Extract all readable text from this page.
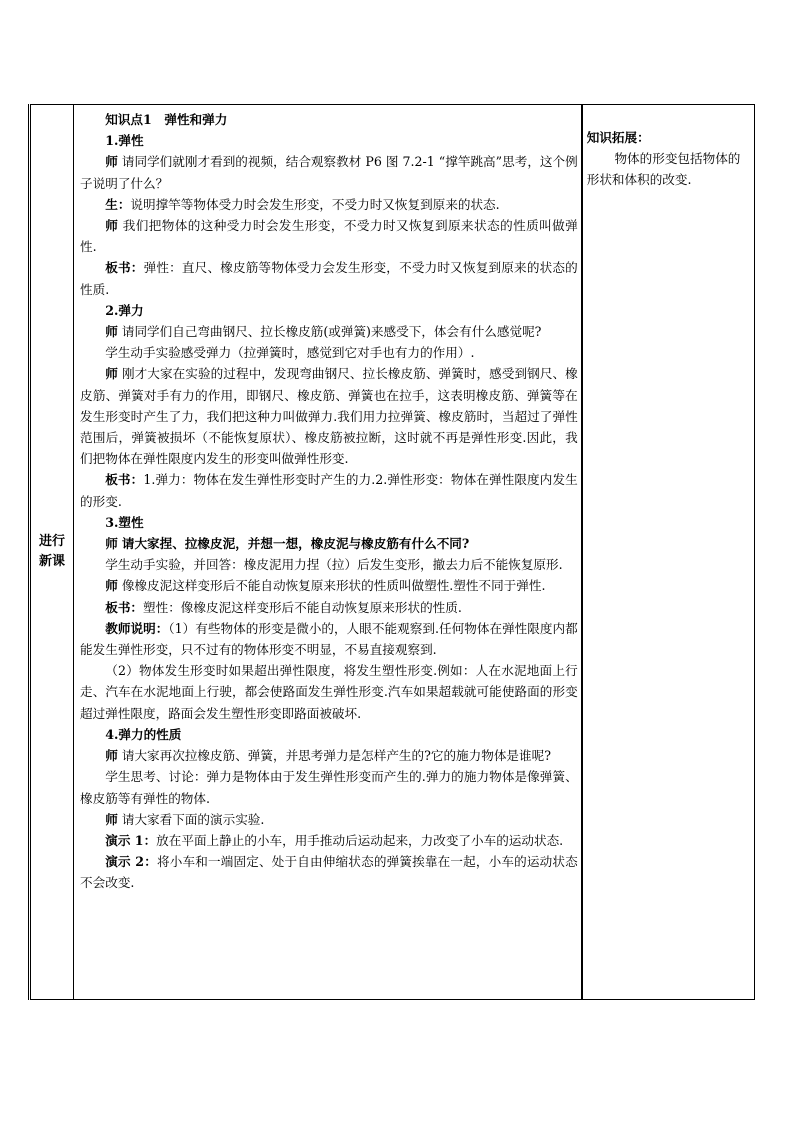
进行新课	

知识点1　弹性和弹力

1.弹性

师 请同学们就刚才看到的视频，结合观察教材 P6 图 7.2-1 “撑竿跳高”思考，这个例子说明了什么？

生：说明撑竿等物体受力时会发生形变，不受力时又恢复到原来的状态.

师 我们把物体的这种受力时会发生形变，不受力时又恢复到原来状态的性质叫做弹性.

板书：弹性：直尺、橡皮筋等物体受力会发生形变，不受力时又恢复到原来的状态的性质.

2.弹力

师 请同学们自己弯曲钢尺、拉长橡皮筋(或弹簧)来感受下，体会有什么感觉呢?

学生动手实验感受弹力（拉弹簧时，感觉到它对手也有力的作用）.

师 刚才大家在实验的过程中，发现弯曲钢尺、拉长橡皮筋、弹簧时，感受到钢尺、橡皮筋、弹簧对手有力的作用，即钢尺、橡皮筋、弹簧也在拉手，这表明橡皮筋、弹簧等在发生形变时产生了力，我们把这种力叫做弹力.我们用力拉弹簧、橡皮筋时，当超过了弹性范围后，弹簧被损坏（不能恢复原状）、橡皮筋被拉断，这时就不再是弹性形变.因此，我们把物体在弹性限度内发生的形变叫做弹性形变.

板书：1.弹力：物体在发生弹性形变时产生的力.2.弹性形变：物体在弹性限度内发生的形变.

3.塑性

师 请大家捏、拉橡皮泥，并想一想，橡皮泥与橡皮筋有什么不同?

学生动手实验，并回答：橡皮泥用力捏（拉）后发生变形，撤去力后不能恢复原形.

师 像橡皮泥这样变形后不能自动恢复原来形状的性质叫做塑性.塑性不同于弹性.

板书：塑性：像橡皮泥这样变形后不能自动恢复原来形状的性质.

教师说明：（1）有些物体的形变是微小的，人眼不能观察到.任何物体在弹性限度内都能发生弹性形变，只不过有的物体形变不明显，不易直接观察到.

（2）物体发生形变时如果超出弹性限度，将发生塑性形变.例如：人在水泥地面上行走、汽车在水泥地面上行驶，都会使路面发生弹性形变.汽车如果超载就可能使路面的形变超过弹性限度，路面会发生塑性形变即路面被破坏.

4.弹力的性质

师 请大家再次拉橡皮筋、弹簧，并思考弹力是怎样产生的?它的施力物体是谁呢?

学生思考、讨论：弹力是物体由于发生弹性形变而产生的.弹力的施力物体是像弹簧、橡皮筋等有弹性的物体.

师 请大家看下面的演示实验.

演示 1：放在平面上静止的小车，用手推动后运动起来，力改变了小车的运动状态.

演示 2：将小车和一端固定、处于自由伸缩状态的弹簧挨靠在一起，小车的运动状态不会改变.

知识拓展：

物体的形变包括物体的形状和体积的改变.
